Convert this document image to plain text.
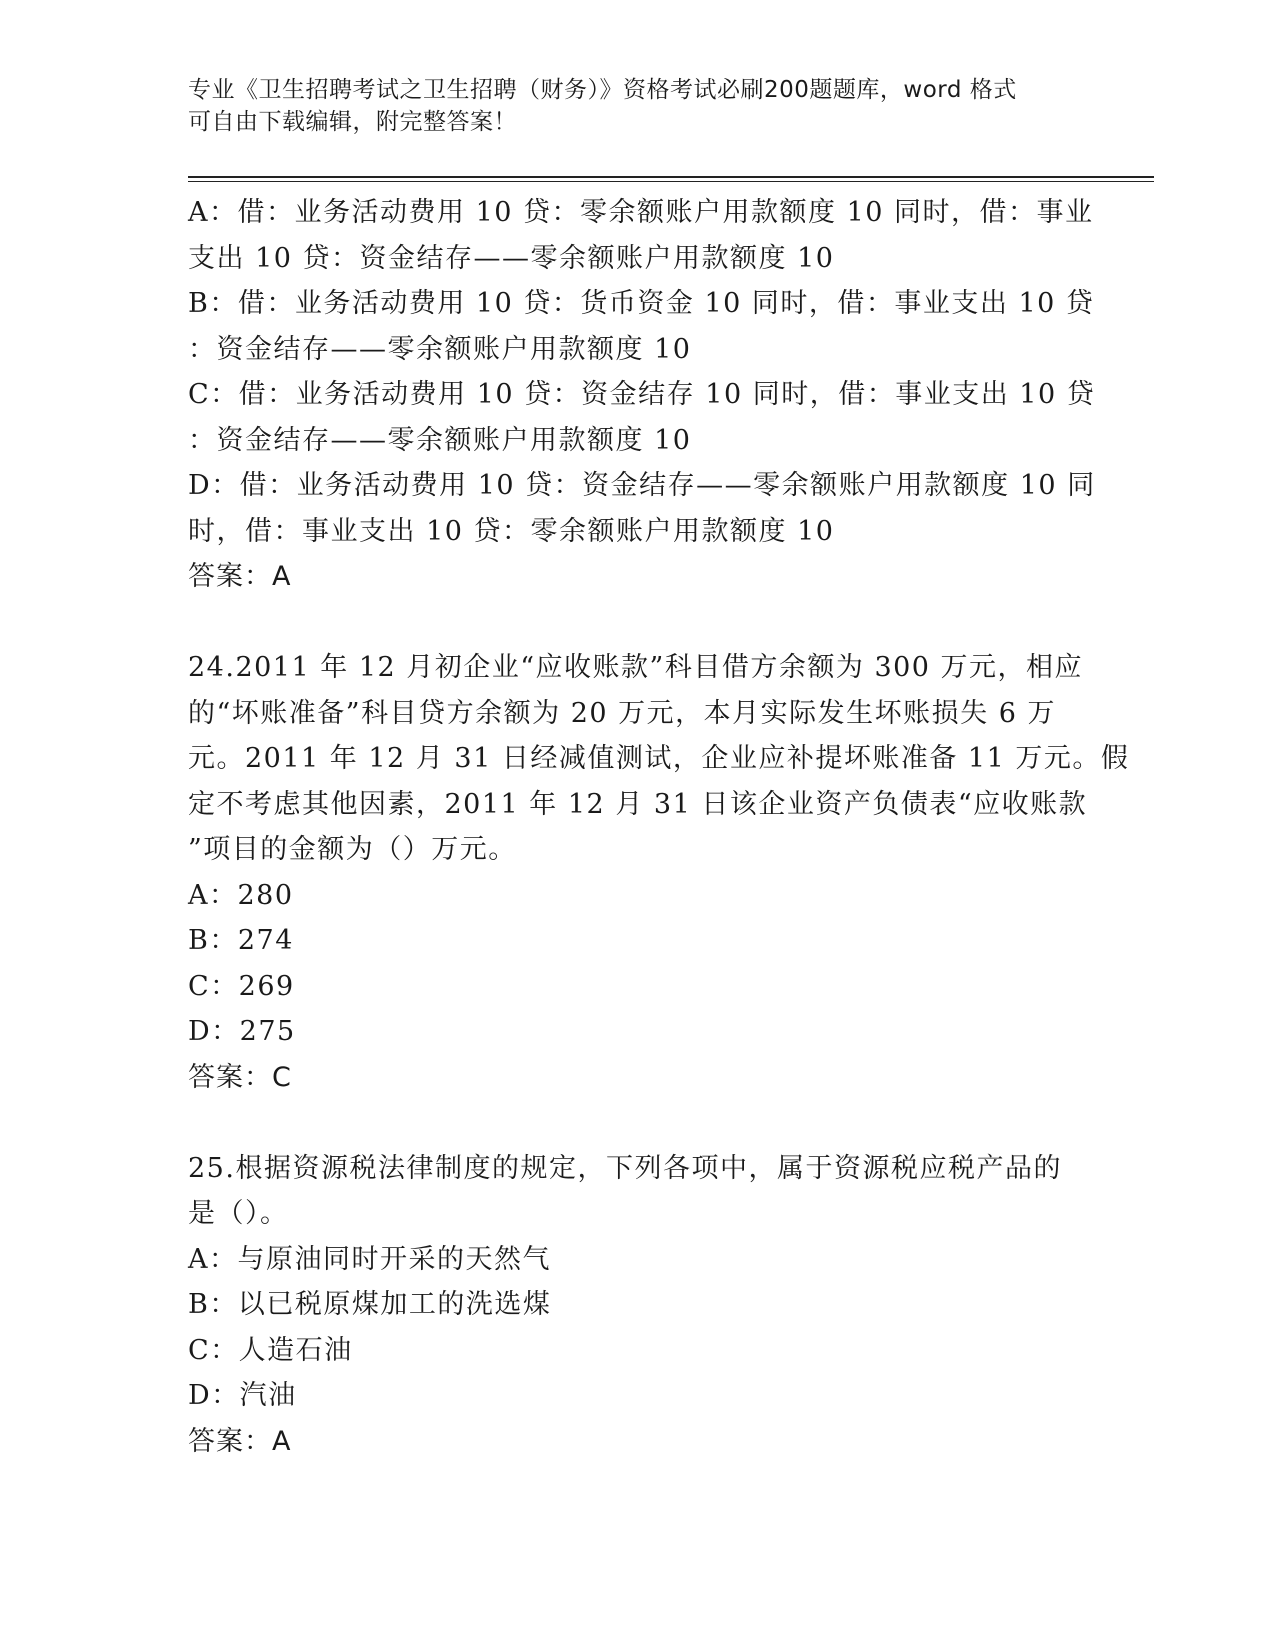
专业《卫生招聘考试之卫生招聘（财务）》资格考试必刷200题题库，word 格式
可自由下载编辑，附完整答案！
A：借：业务活动费用 10 贷：零余额账户用款额度 10 同时，借：事业
支出 10 贷：资金结存——零余额账户用款额度 10
B：借：业务活动费用 10 贷：货币资金 10 同时，借：事业支出 10 贷
：资金结存——零余额账户用款额度 10
C：借：业务活动费用 10 贷：资金结存 10 同时，借：事业支出 10 贷
：资金结存——零余额账户用款额度 10
D：借：业务活动费用 10 贷：资金结存——零余额账户用款额度 10 同
时，借：事业支出 10 贷：零余额账户用款额度 10
答案：A
24.2011 年 12 月初企业“应收账款”科目借方余额为 300 万元，相应
的“坏账准备”科目贷方余额为 20 万元，本月实际发生坏账损失 6 万
元。2011 年 12 月 31 日经减值测试，企业应补提坏账准备 11 万元。假
定不考虑其他因素，2011 年 12 月 31 日该企业资产负债表“应收账款
”项目的金额为（）万元。
A：280
B：274
C：269
D：275
答案：C
25.根据资源税法律制度的规定，下列各项中，属于资源税应税产品的
是（）。
A：与原油同时开采的天然气
B：以已税原煤加工的洗选煤
C：人造石油
D：汽油
答案：A
